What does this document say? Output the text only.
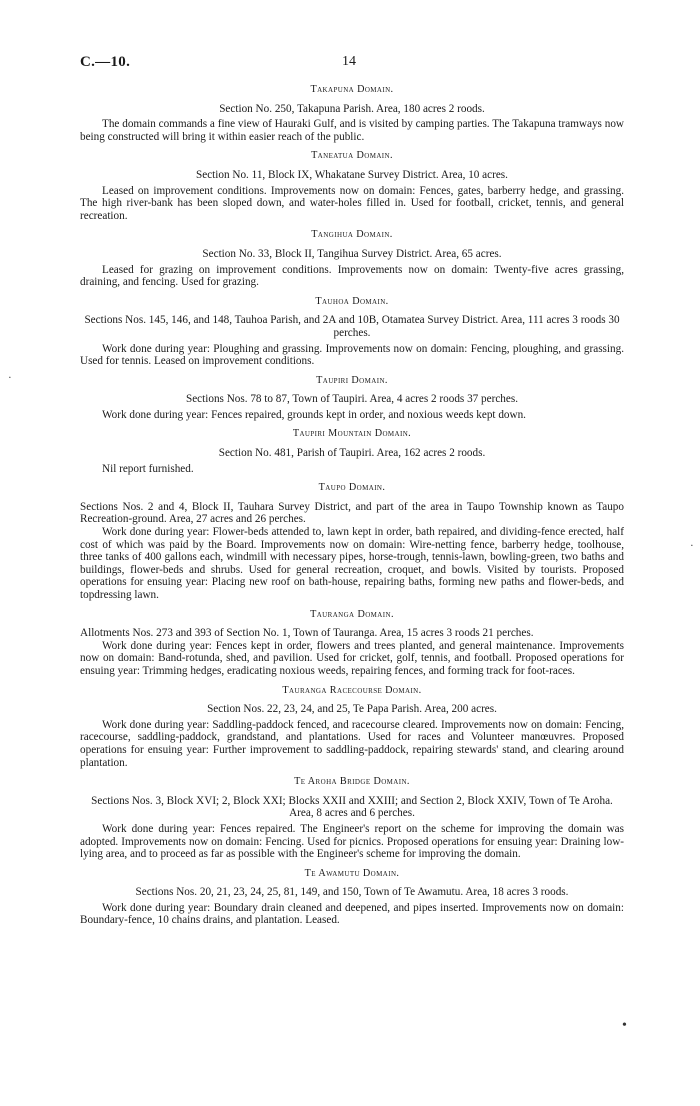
C.—10.	14
Takapuna Domain.
Section No. 250, Takapuna Parish. Area, 180 acres 2 roods.
The domain commands a fine view of Hauraki Gulf, and is visited by camping parties. The Takapuna tramways now being constructed will bring it within easier reach of the public.
Taneatua Domain.
Section No. 11, Block IX, Whakatane Survey District. Area, 10 acres.
Leased on improvement conditions. Improvements now on domain: Fences, gates, barberry hedge, and grassing. The high river-bank has been sloped down, and water-holes filled in. Used for football, cricket, tennis, and general recreation.
Tangihua Domain.
Section No. 33, Block II, Tangihua Survey District. Area, 65 acres.
Leased for grazing on improvement conditions. Improvements now on domain: Twenty-five acres grassing, draining, and fencing. Used for grazing.
Tauhoa Domain.
Sections Nos. 145, 146, and 148, Tauhoa Parish, and 2A and 10B, Otamatea Survey District. Area, 111 acres 3 roods 30 perches.
Work done during year: Ploughing and grassing. Improvements now on domain: Fencing, ploughing, and grassing. Used for tennis. Leased on improvement conditions.
Taupiri Domain.
Sections Nos. 78 to 87, Town of Taupiri. Area, 4 acres 2 roods 37 perches.
Work done during year: Fences repaired, grounds kept in order, and noxious weeds kept down.
Taupiri Mountain Domain.
Section No. 481, Parish of Taupiri. Area, 162 acres 2 roods.
Nil report furnished.
Taupo Domain.
Sections Nos. 2 and 4, Block II, Tauhara Survey District, and part of the area in Taupo Township known as Taupo Recreation-ground. Area, 27 acres and 26 perches.
Work done during year: Flower-beds attended to, lawn kept in order, bath repaired, and dividing-fence erected, half cost of which was paid by the Board. Improvements now on domain: Wire-netting fence, barberry hedge, toolhouse, three tanks of 400 gallons each, windmill with necessary pipes, horse-trough, tennis-lawn, bowling-green, two baths and buildings, flower-beds and shrubs. Used for general recreation, croquet, and bowls. Visited by tourists. Proposed operations for ensuing year: Placing new roof on bath-house, repairing baths, forming new paths and flower-beds, and topdressing lawn.
Tauranga Domain.
Allotments Nos. 273 and 393 of Section No. 1, Town of Tauranga. Area, 15 acres 3 roods 21 perches.
Work done during year: Fences kept in order, flowers and trees planted, and general maintenance. Improvements now on domain: Band-rotunda, shed, and pavilion. Used for cricket, golf, tennis, and football. Proposed operations for ensuing year: Trimming hedges, eradicating noxious weeds, repairing fences, and forming track for foot-races.
Tauranga Racecourse Domain.
Section Nos. 22, 23, 24, and 25, Te Papa Parish. Area, 200 acres.
Work done during year: Saddling-paddock fenced, and racecourse cleared. Improvements now on domain: Fencing, racecourse, saddling-paddock, grandstand, and plantations. Used for races and Volunteer manœuvres. Proposed operations for ensuing year: Further improvement to saddling-paddock, repairing stewards' stand, and clearing around plantation.
Te Aroha Bridge Domain.
Sections Nos. 3, Block XVI; 2, Block XXI; Blocks XXII and XXIII; and Section 2, Block XXIV, Town of Te Aroha. Area, 8 acres and 6 perches.
Work done during year: Fences repaired. The Engineer's report on the scheme for improving the domain was adopted. Improvements now on domain: Fencing. Used for picnics. Proposed operations for ensuing year: Draining low-lying area, and to proceed as far as possible with the Engineer's scheme for improving the domain.
Te Awamutu Domain.
Sections Nos. 20, 21, 23, 24, 25, 81, 149, and 150, Town of Te Awamutu. Area, 18 acres 3 roods.
Work done during year: Boundary drain cleaned and deepened, and pipes inserted. Improvements now on domain: Boundary-fence, 10 chains drains, and plantation. Leased.
·
·
•
